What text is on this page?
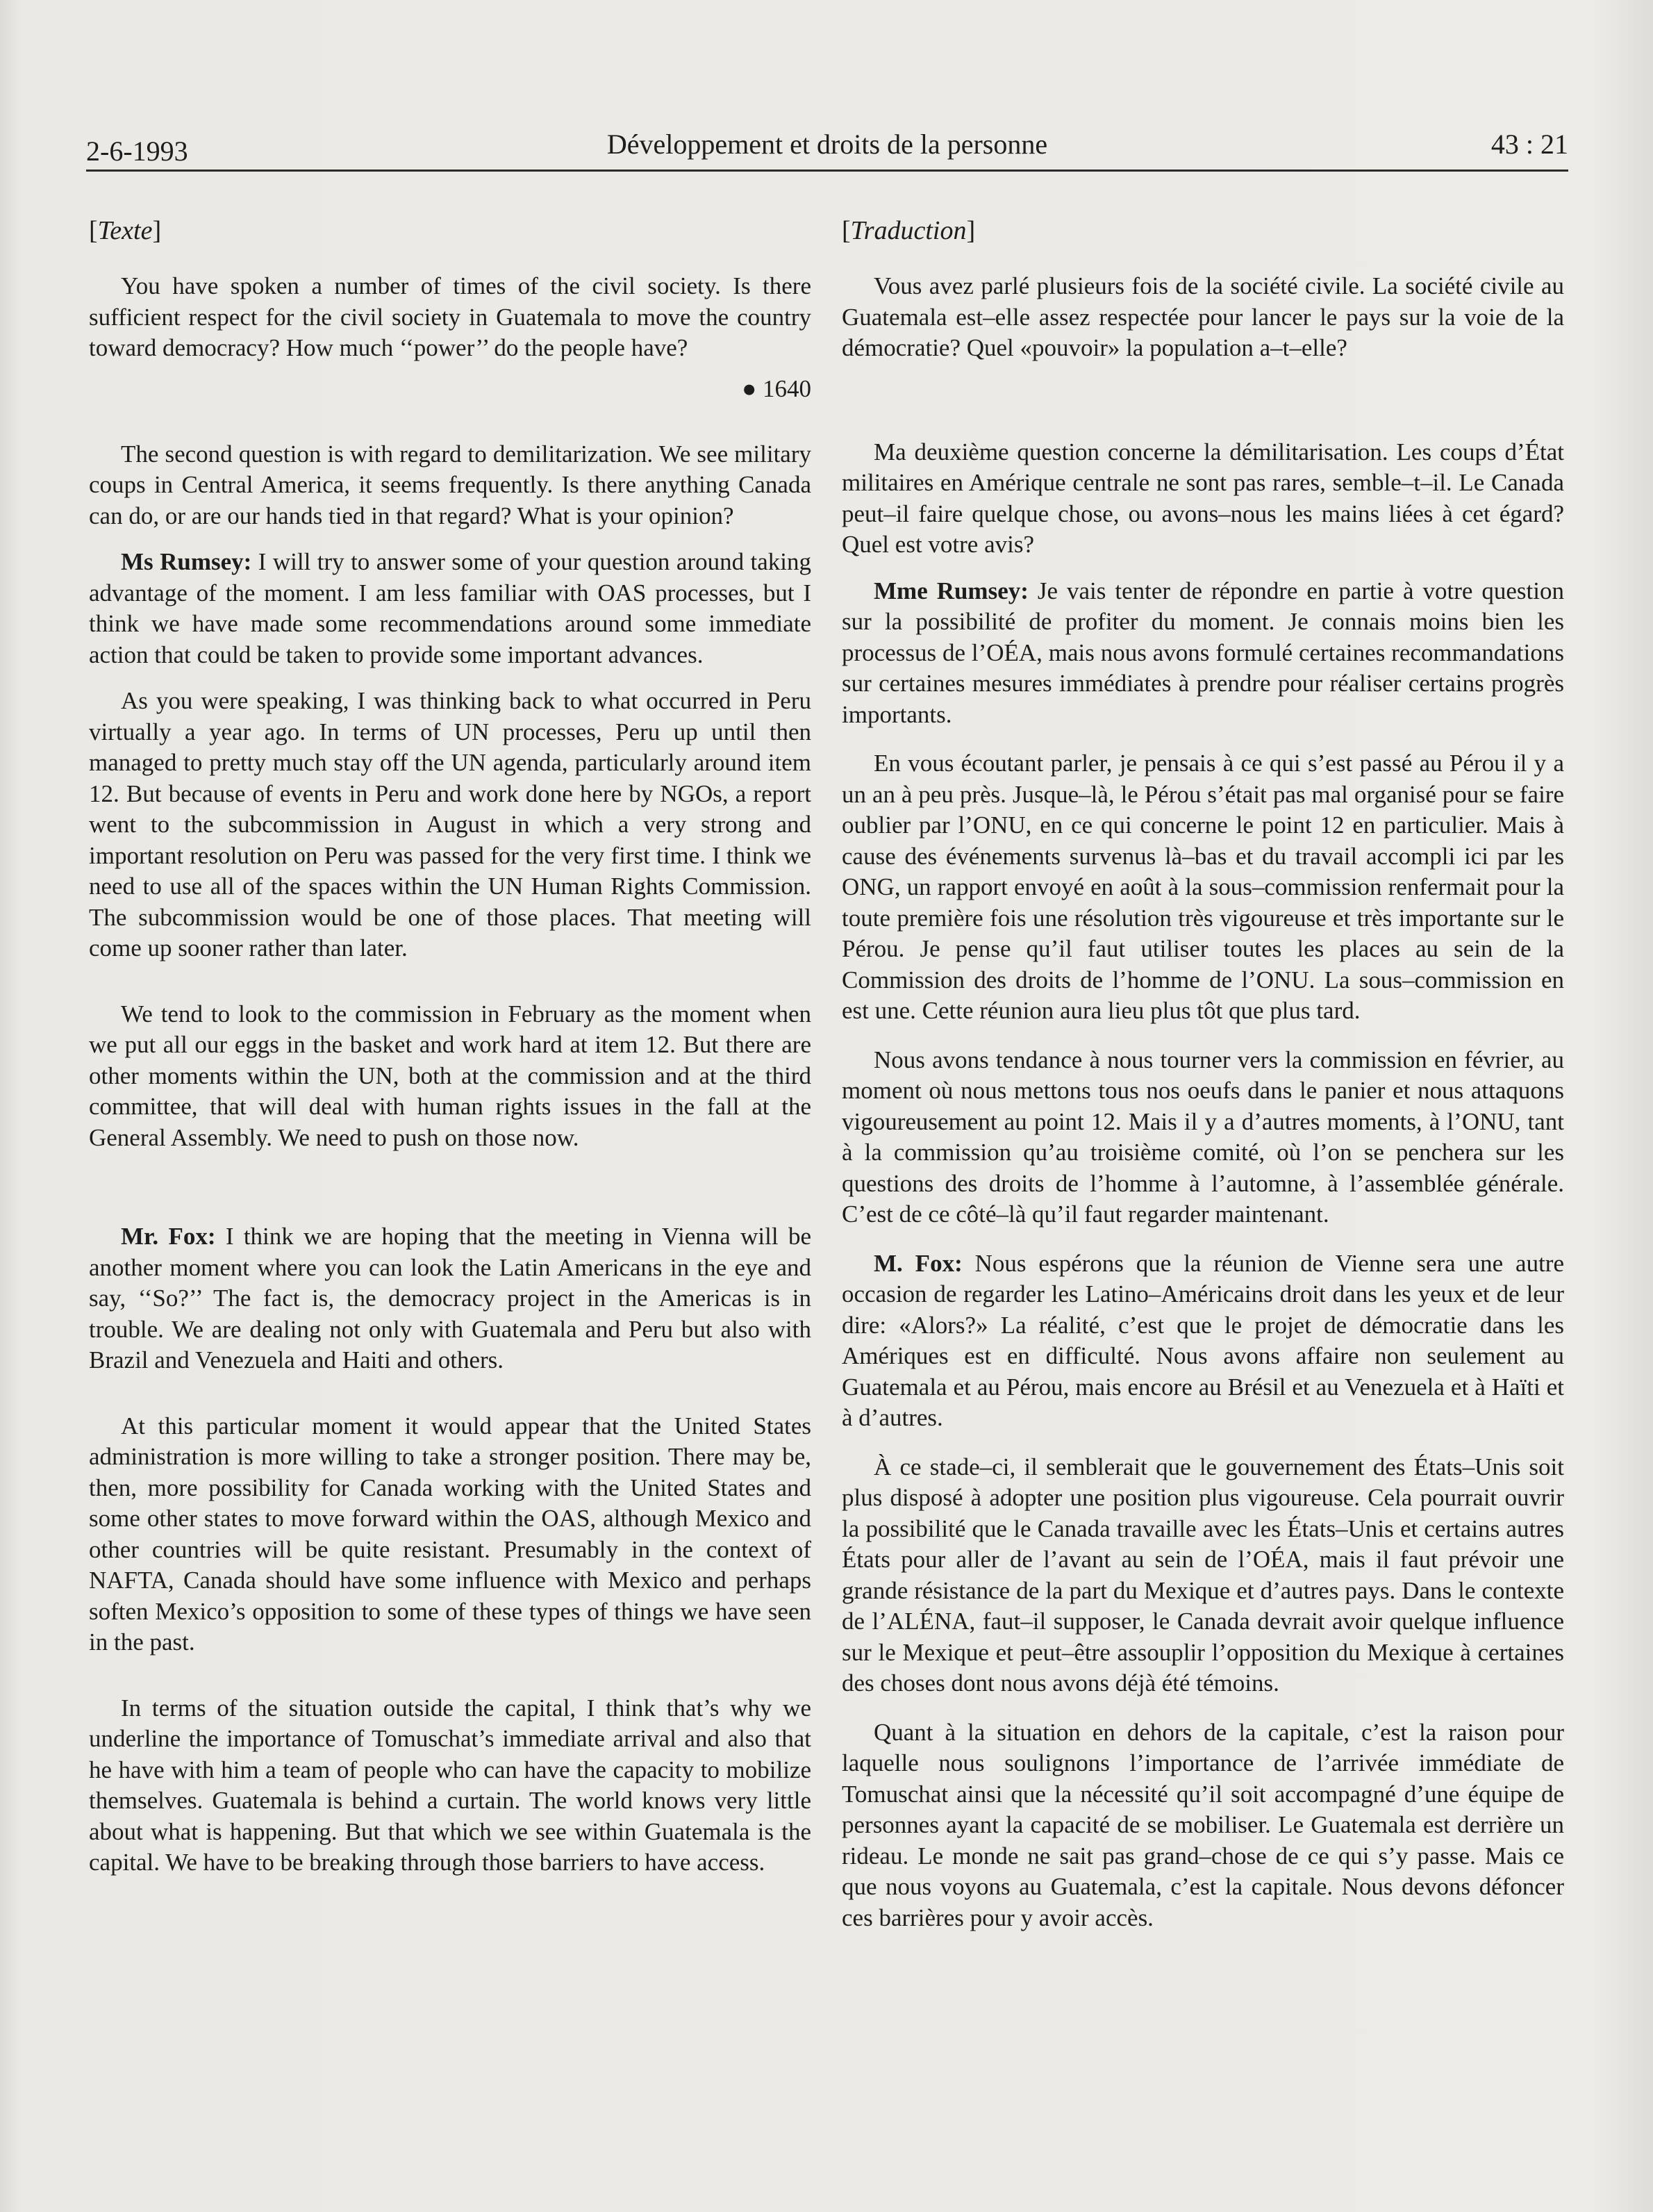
2-6-1993	Développement et droits de la personne	43 : 21
[Texte]

You have spoken a number of times of the civil society. Is there sufficient respect for the civil society in Guatemala to move the country toward democracy? How much ‘‘power’’ do the people have?

● 1640

The second question is with regard to demilitarization. We see military coups in Central America, it seems frequently. Is there anything Canada can do, or are our hands tied in that regard? What is your opinion?

Ms Rumsey: I will try to answer some of your question around taking advantage of the moment. I am less familiar with OAS processes, but I think we have made some recommendations around some immediate action that could be taken to provide some important advances.

As you were speaking, I was thinking back to what occurred in Peru virtually a year ago. In terms of UN processes, Peru up until then managed to pretty much stay off the UN agenda, particularly around item 12. But because of events in Peru and work done here by NGOs, a report went to the subcommission in August in which a very strong and important resolution on Peru was passed for the very first time. I think we need to use all of the spaces within the UN Human Rights Commission. The subcommission would be one of those places. That meeting will come up sooner rather than later.

We tend to look to the commission in February as the moment when we put all our eggs in the basket and work hard at item 12. But there are other moments within the UN, both at the commission and at the third committee, that will deal with human rights issues in the fall at the General Assembly. We need to push on those now.

Mr. Fox: I think we are hoping that the meeting in Vienna will be another moment where you can look the Latin Americans in the eye and say, ‘‘So?’’ The fact is, the democracy project in the Americas is in trouble. We are dealing not only with Guatemala and Peru but also with Brazil and Venezuela and Haiti and others.

At this particular moment it would appear that the United States administration is more willing to take a stronger position. There may be, then, more possibility for Canada working with the United States and some other states to move forward within the OAS, although Mexico and other countries will be quite resistant. Presumably in the context of NAFTA, Canada should have some influence with Mexico and perhaps soften Mexico’s opposition to some of these types of things we have seen in the past.

In terms of the situation outside the capital, I think that’s why we underline the importance of Tomuschat’s immediate arrival and also that he have with him a team of people who can have the capacity to mobilize themselves. Guatemala is behind a curtain. The world knows very little about what is happening. But that which we see within Guatemala is the capital. We have to be breaking through those barriers to have access.

[Traduction]

Vous avez parlé plusieurs fois de la société civile. La société civile au Guatemala est–elle assez respectée pour lancer le pays sur la voie de la démocratie? Quel «pouvoir» la population a–t–elle?

Ma deuxième question concerne la démilitarisation. Les coups d’État militaires en Amérique centrale ne sont pas rares, semble–t–il. Le Canada peut–il faire quelque chose, ou avons–nous les mains liées à cet égard? Quel est votre avis?

Mme Rumsey: Je vais tenter de répondre en partie à votre question sur la possibilité de profiter du moment. Je connais moins bien les processus de l’OÉA, mais nous avons formulé certaines recommandations sur certaines mesures immédiates à prendre pour réaliser certains progrès importants.

En vous écoutant parler, je pensais à ce qui s’est passé au Pérou il y a un an à peu près. Jusque–là, le Pérou s’était pas mal organisé pour se faire oublier par l’ONU, en ce qui concerne le point 12 en particulier. Mais à cause des événements survenus là–bas et du travail accompli ici par les ONG, un rapport envoyé en août à la sous–commission renfermait pour la toute première fois une résolution très vigoureuse et très importante sur le Pérou. Je pense qu’il faut utiliser toutes les places au sein de la Commission des droits de l’homme de l’ONU. La sous–commission en est une. Cette réunion aura lieu plus tôt que plus tard.

Nous avons tendance à nous tourner vers la commission en février, au moment où nous mettons tous nos oeufs dans le panier et nous attaquons vigoureusement au point 12. Mais il y a d’autres moments, à l’ONU, tant à la commission qu’au troisième comité, où l’on se penchera sur les questions des droits de l’homme à l’automne, à l’assemblée générale. C’est de ce côté–là qu’il faut regarder maintenant.

M. Fox: Nous espérons que la réunion de Vienne sera une autre occasion de regarder les Latino–Américains droit dans les yeux et de leur dire: «Alors?» La réalité, c’est que le projet de démocratie dans les Amériques est en difficulté. Nous avons affaire non seulement au Guatemala et au Pérou, mais encore au Brésil et au Venezuela et à Haïti et à d’autres.

À ce stade–ci, il semblerait que le gouvernement des États–Unis soit plus disposé à adopter une position plus vigoureuse. Cela pourrait ouvrir la possibilité que le Canada travaille avec les États–Unis et certains autres États pour aller de l’avant au sein de l’OÉA, mais il faut prévoir une grande résistance de la part du Mexique et d’autres pays. Dans le contexte de l’ALÉNA, faut–il supposer, le Canada devrait avoir quelque influence sur le Mexique et peut–être assouplir l’opposition du Mexique à certaines des choses dont nous avons déjà été témoins.

Quant à la situation en dehors de la capitale, c’est la raison pour laquelle nous soulignons l’importance de l’arrivée immédiate de Tomuschat ainsi que la nécessité qu’il soit accompagné d’une équipe de personnes ayant la capacité de se mobiliser. Le Guatemala est derrière un rideau. Le monde ne sait pas grand–chose de ce qui s’y passe. Mais ce que nous voyons au Guatemala, c’est la capitale. Nous devons défoncer ces barrières pour y avoir accès.
